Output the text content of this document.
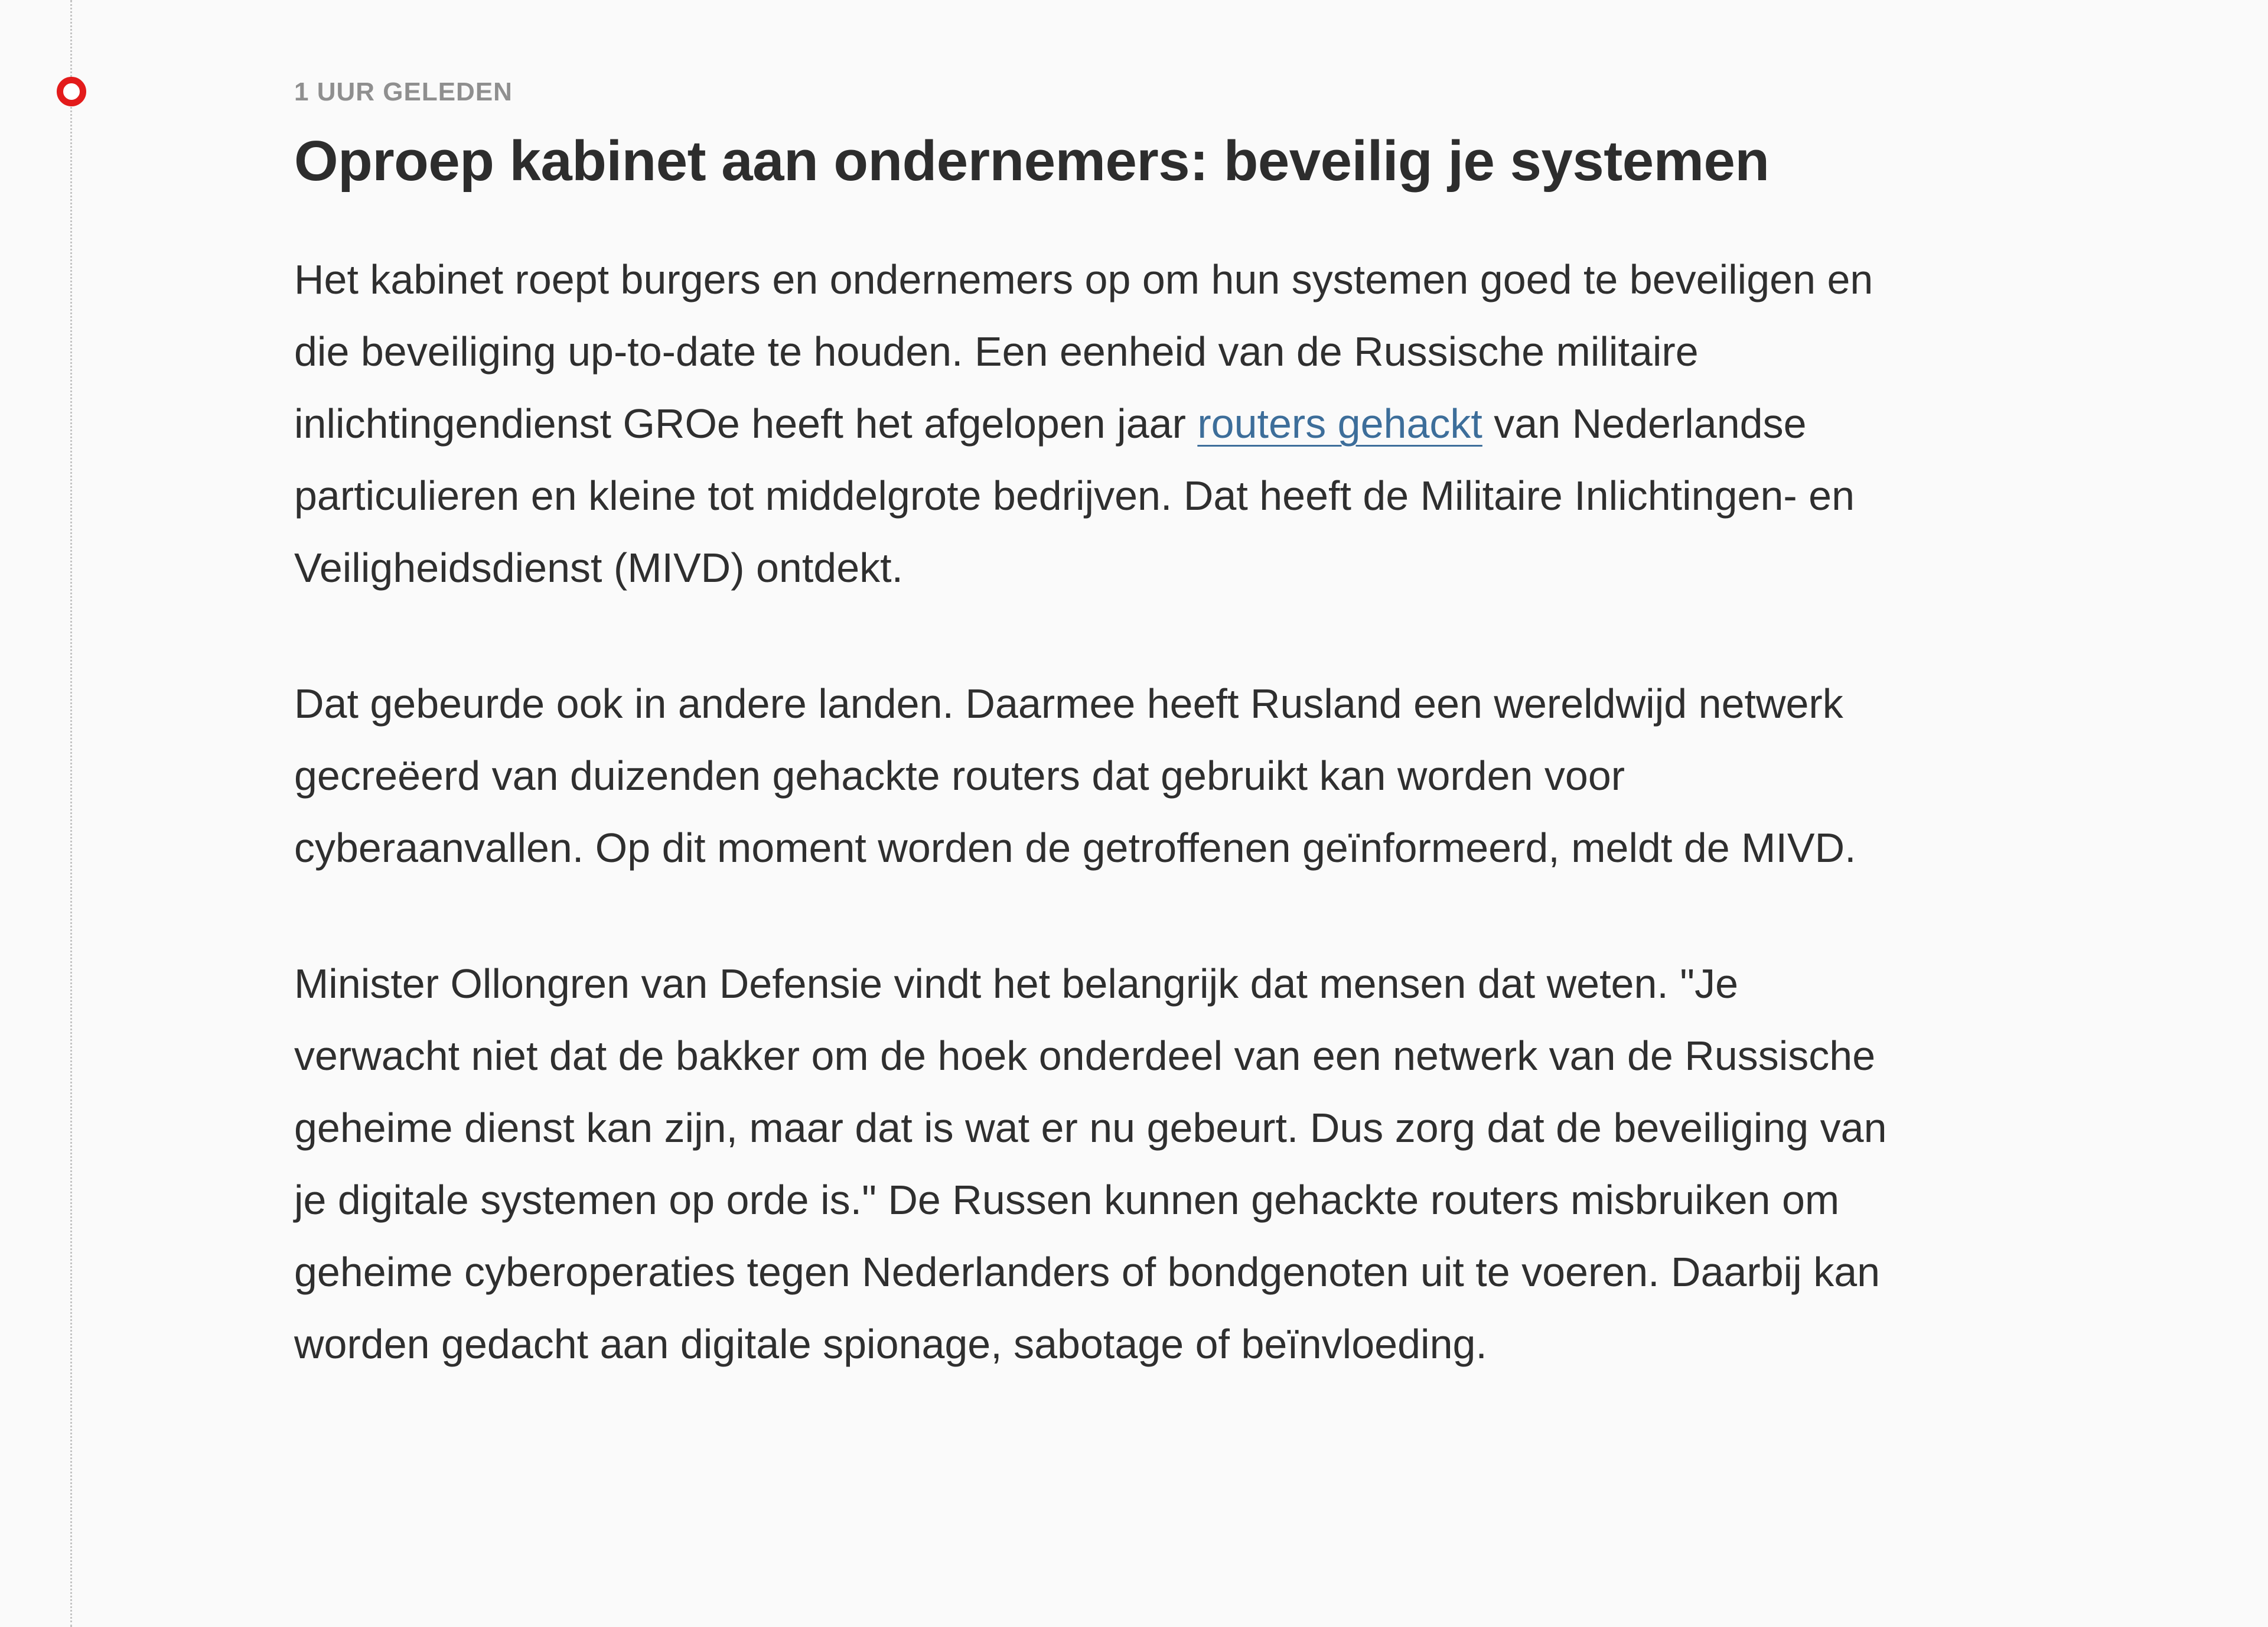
1 UUR GELEDEN

Oproep kabinet aan ondernemers: beveilig je systemen

Het kabinet roept burgers en ondernemers op om hun systemen goed te beveiligen en die beveiliging up-to-date te houden. Een eenheid van de Russische militaire inlichtingendienst GROe heeft het afgelopen jaar routers gehackt van Nederlandse particulieren en kleine tot middelgrote bedrijven. Dat heeft de Militaire Inlichtingen- en Veiligheidsdienst (MIVD) ontdekt.

Dat gebeurde ook in andere landen. Daarmee heeft Rusland een wereldwijd netwerk gecreëerd van duizenden gehackte routers dat gebruikt kan worden voor cyberaanvallen. Op dit moment worden de getroffenen geïnformeerd, meldt de MIVD.

Minister Ollongren van Defensie vindt het belangrijk dat mensen dat weten. "Je verwacht niet dat de bakker om de hoek onderdeel van een netwerk van de Russische geheime dienst kan zijn, maar dat is wat er nu gebeurt. Dus zorg dat de beveiliging van je digitale systemen op orde is." De Russen kunnen gehackte routers misbruiken om geheime cyberoperaties tegen Nederlanders of bondgenoten uit te voeren. Daarbij kan worden gedacht aan digitale spionage, sabotage of beïnvloeding.
